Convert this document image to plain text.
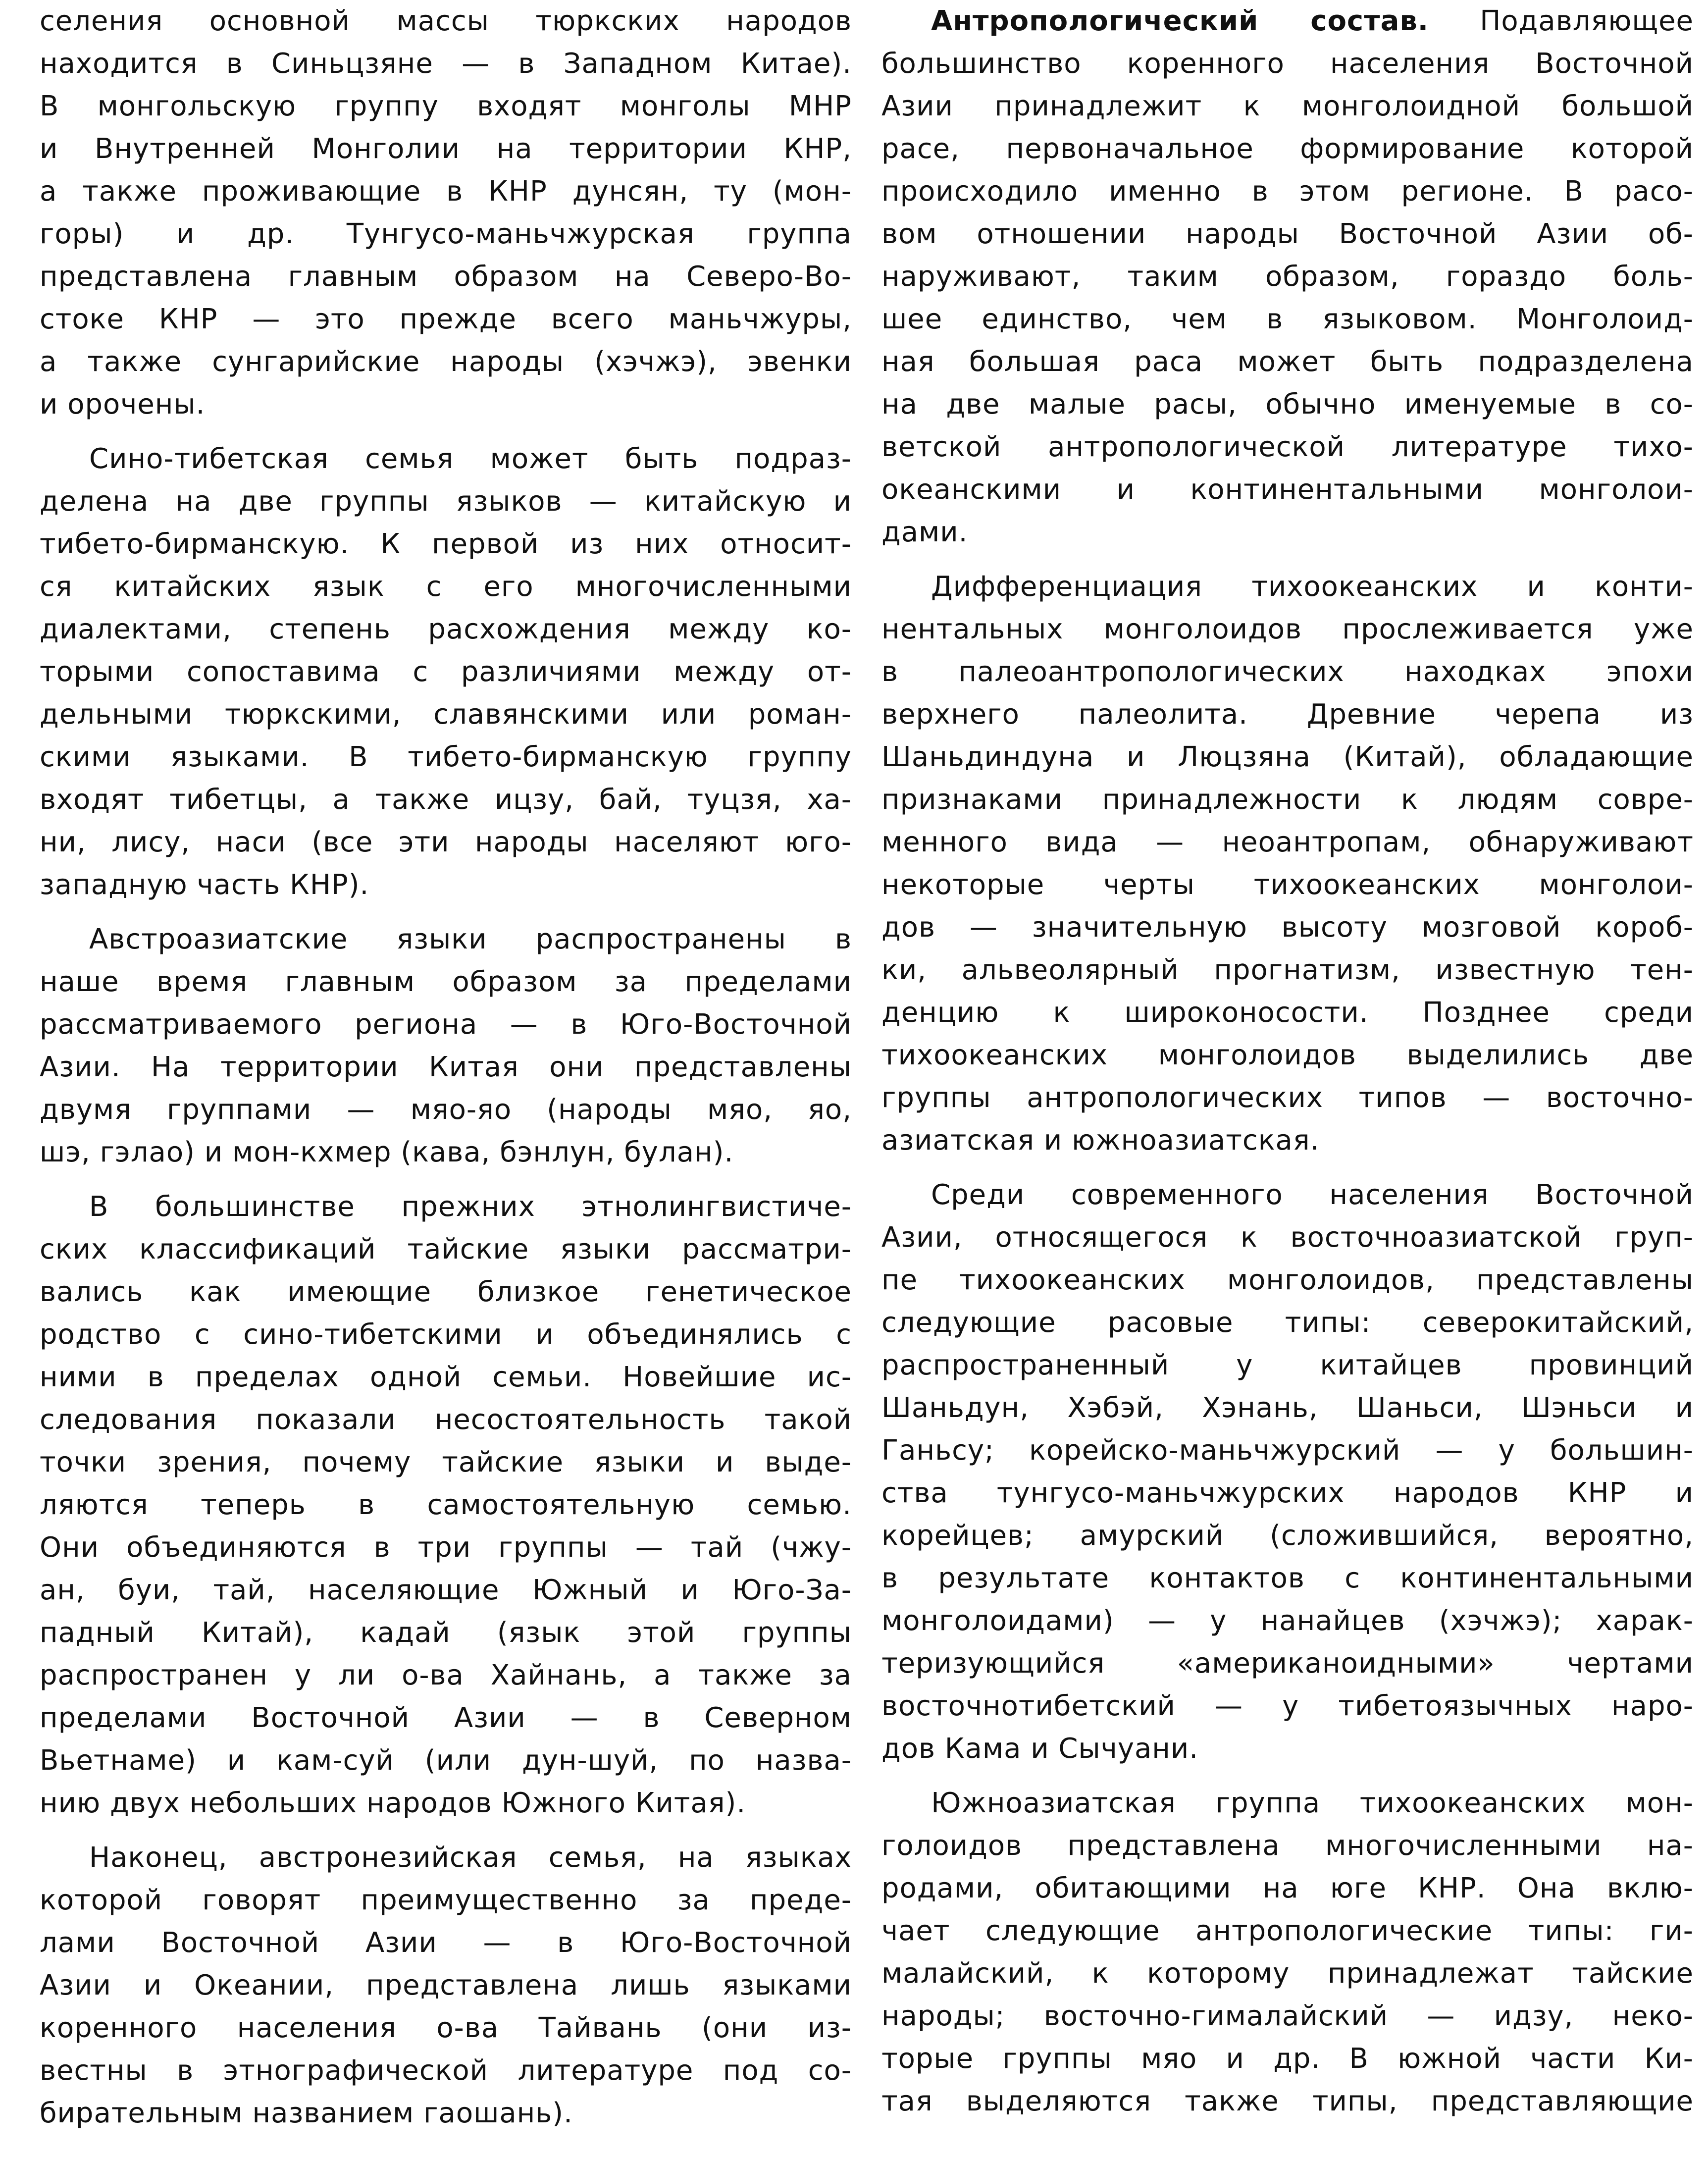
селения основной массы тюркских народов
находится в Синьцзяне — в Западном Китае).
В монгольскую группу входят монголы МНР
и Внутренней Монголии на территории КНР,
а также проживающие в КНР дунсян, ту (мон-
горы) и др. Тунгусо-маньчжурская группа
представлена главным образом на Северо-Во-
стоке КНР — это прежде всего маньчжуры,
а также сунгарийские народы (хэчжэ), эвенки
и орочены.
Сино-тибетская семья может быть подраз-
делена на две группы языков — китайскую и
тибето-бирманскую. К первой из них относит-
ся китайских язык с его многочисленными
диалектами, степень расхождения между ко-
торыми сопоставима с различиями между от-
дельными тюркскими, славянскими или роман-
скими языками. В тибето-бирманскую группу
входят тибетцы, а также ицзу, бай, туцзя, ха-
ни, лису, наси (все эти народы населяют юго-
западную часть КНР).
Австроазиатские языки распространены в
наше время главным образом за пределами
рассматриваемого региона — в Юго-Восточной
Азии. На территории Китая они представлены
двумя группами — мяо-яо (народы мяо, яо,
шэ, гэлао) и мон-кхмер (кава, бэнлун, булан).
В большинстве прежних этнолингвистиче-
ских классификаций тайские языки рассматри-
вались как имеющие близкое генетическое
родство с сино-тибетскими и объединялись с
ними в пределах одной семьи. Новейшие ис-
следования показали несостоятельность такой
точки зрения, почему тайские языки и выде-
ляются теперь в самостоятельную семью.
Они объединяются в три группы — тай (чжу-
ан, буи, тай, населяющие Южный и Юго-За-
падный Китай), кадай (язык этой группы
распространен у ли о-ва Хайнань, а также за
пределами Восточной Азии — в Северном
Вьетнаме) и кам-суй (или дун-шуй, по назва-
нию двух небольших народов Южного Китая).
Наконец, австронезийская семья, на языках
которой говорят преимущественно за преде-
лами Восточной Азии — в Юго-Восточной
Азии и Океании, представлена лишь языками
коренного населения о-ва Тайвань (они из-
вестны в этнографической литературе под со-
бирательным названием гаошань).
Антропологический состав. Подавляющее
большинство коренного населения Восточной
Азии принадлежит к монголоидной большой
расе, первоначальное формирование которой
происходило именно в этом регионе. В расо-
вом отношении народы Восточной Азии об-
наруживают, таким образом, гораздо боль-
шее единство, чем в языковом. Монголоид-
ная большая раса может быть подразделена
на две малые расы, обычно именуемые в со-
ветской антропологической литературе тихо-
океанскими и континентальными монголои-
дами.
Дифференциация тихоокеанских и конти-
нентальных монголоидов прослеживается уже
в палеоантропологических находках эпохи
верхнего палеолита. Древние черепа из
Шаньдиндуна и Люцзяна (Китай), обладающие
признаками принадлежности к людям совре-
менного вида — неоантропам, обнаруживают
некоторые черты тихоокеанских монголои-
дов — значительную высоту мозговой короб-
ки, альвеолярный прогнатизм, известную тен-
денцию к широконосости. Позднее среди
тихоокеанских монголоидов выделились две
группы антропологических типов — восточно-
азиатская и южноазиатская.
Среди современного населения Восточной
Азии, относящегося к восточноазиатской груп-
пе тихоокеанских монголоидов, представлены
следующие расовые типы: северокитайский,
распространенный у китайцев провинций
Шаньдун, Хэбэй, Хэнань, Шаньси, Шэньси и
Ганьсу; корейско-маньчжурский — у большин-
ства тунгусо-маньчжурских народов КНР и
корейцев; амурский (сложившийся, вероятно,
в результате контактов с континентальными
монголоидами) — у нанайцев (хэчжэ); харак-
теризующийся «американоидными» чертами
восточнотибетский — у тибетоязычных наро-
дов Кама и Сычуани.
Южноазиатская группа тихоокеанских мон-
голоидов представлена многочисленными на-
родами, обитающими на юге КНР. Она вклю-
чает следующие антропологические типы: ги-
малайский, к которому принадлежат тайские
народы; восточно-гималайский — идзу, неко-
торые группы мяо и др. В южной части Ки-
тая выделяются также типы, представляющие
